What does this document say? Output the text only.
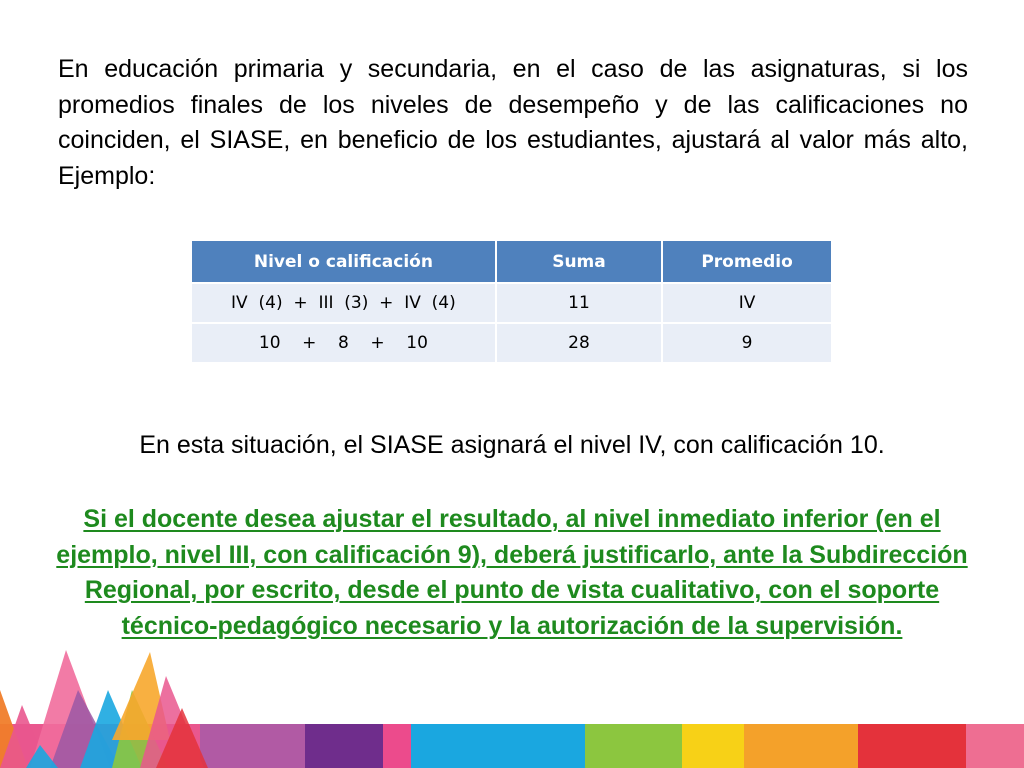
En educación primaria y secundaria, en el caso de las asignaturas, si los promedios finales de los niveles de desempeño y de las calificaciones no coinciden, el SIASE, en beneficio de los estudiantes, ajustará al valor más alto, Ejemplo:

Nivel o calificación	Suma	Promedio
IV  (4)  +  III  (3)  +  IV  (4)	11	IV
10    +    8    +    10	28	9

En esta situación, el SIASE asignará el nivel IV, con calificación 10.

Si el docente desea ajustar el resultado, al nivel inmediato inferior (en el ejemplo, nivel III, con calificación 9), deberá justificarlo, ante la Subdirección Regional, por escrito, desde el punto de vista cualitativo, con el soporte técnico-pedagógico necesario y la autorización de la supervisión.
